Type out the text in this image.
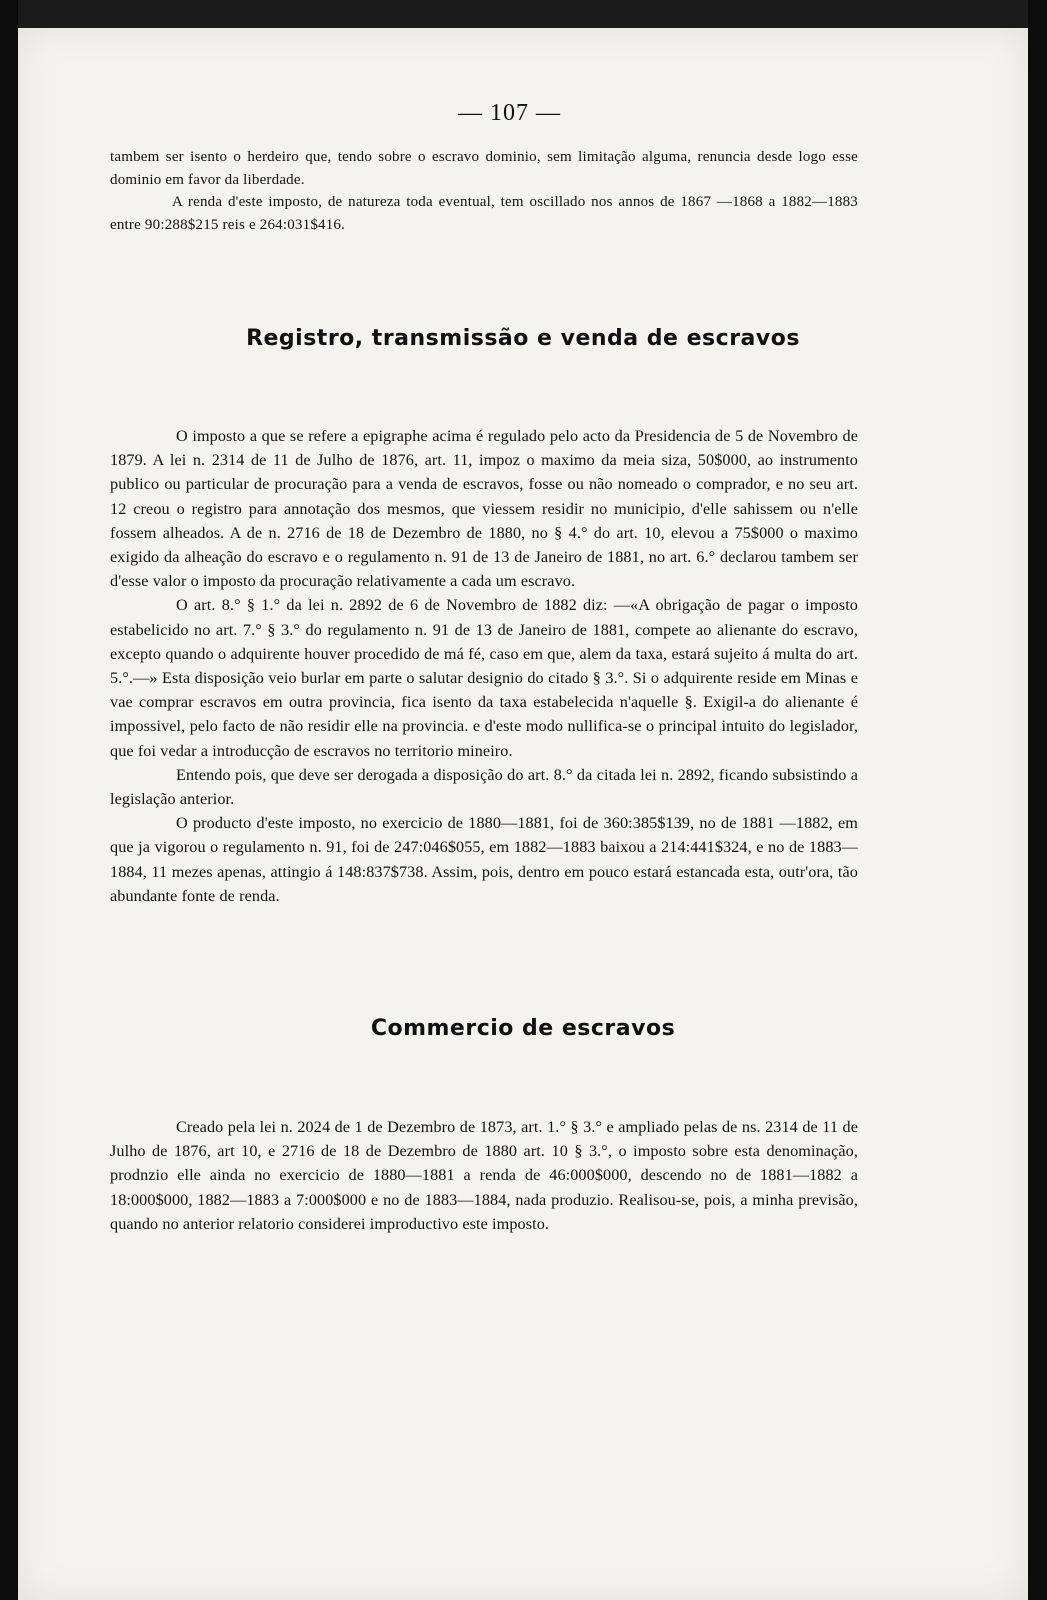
— 107 —

tambem ser isento o herdeiro que, tendo sobre o escravo dominio, sem limitação alguma, renuncia desde logo esse dominio em favor da liberdade.

A renda d'este imposto, de natureza toda eventual, tem oscillado nos annos de 1867 —1868 a 1882—1883 entre 90:288$215 reis e 264:031$416.

Registro, transmissão e venda de escravos

O imposto a que se refere a epigraphe acima é regulado pelo acto da Presidencia de 5 de Novembro de 1879. A lei n. 2314 de 11 de Julho de 1876, art. 11, impoz o maximo da meia siza, 50$000, ao instrumento publico ou particular de procuração para a venda de escravos, fosse ou não nomeado o comprador, e no seu art. 12 creou o registro para annotação dos mesmos, que viessem residir no municipio, d'elle sahissem ou n'elle fossem alheados. A de n. 2716 de 18 de Dezembro de 1880, no § 4.° do art. 10, elevou a 75$000 o maximo exigido da alheação do escravo e o regulamento n. 91 de 13 de Janeiro de 1881, no art. 6.° declarou tambem ser d'esse valor o imposto da procuração relativamente a cada um escravo.

O art. 8.° § 1.° da lei n. 2892 de 6 de Novembro de 1882 diz: —«A obrigação de pagar o imposto estabelicido no art. 7.° § 3.° do regulamento n. 91 de 13 de Janeiro de 1881, compete ao alienante do escravo, excepto quando o adquirente houver procedido de má fé, caso em que, alem da taxa, estará sujeito á multa do art. 5.°.—» Esta disposição veio burlar em parte o salutar designio do citado § 3.°. Si o adquirente reside em Minas e vae comprar escravos em outra provincia, fica isento da taxa estabelecida n'aquelle §. Exigil-a do alienante é impossivel, pelo facto de não residir elle na provincia. e d'este modo nullifica-se o principal intuito do legislador, que foi vedar a introducção de escravos no territorio mineiro.

Entendo pois, que deve ser derogada a disposição do art. 8.° da citada lei n. 2892, ficando subsistindo a legislação anterior.

O producto d'este imposto, no exercicio de 1880—1881, foi de 360:385$139, no de 1881 —1882, em que ja vigorou o regulamento n. 91, foi de 247:046$055, em 1882—1883 baixou a 214:441$324, e no de 1883—1884, 11 mezes apenas, attingio á 148:837$738. Assim, pois, dentro em pouco estará estancada esta, outr'ora, tão abundante fonte de renda.

Commercio de escravos

Creado pela lei n. 2024 de 1 de Dezembro de 1873, art. 1.° § 3.° e ampliado pelas de ns. 2314 de 11 de Julho de 1876, art 10, e 2716 de 18 de Dezembro de 1880 art. 10 § 3.°, o imposto sobre esta denominação, prodnzio elle ainda no exercicio de 1880—1881 a renda de 46:000$000, descendo no de 1881—1882 a 18:000$000, 1882—1883 a 7:000$000 e no de 1883—1884, nada produzio. Realisou-se, pois, a minha previsão, quando no anterior relatorio considerei improductivo este imposto.
